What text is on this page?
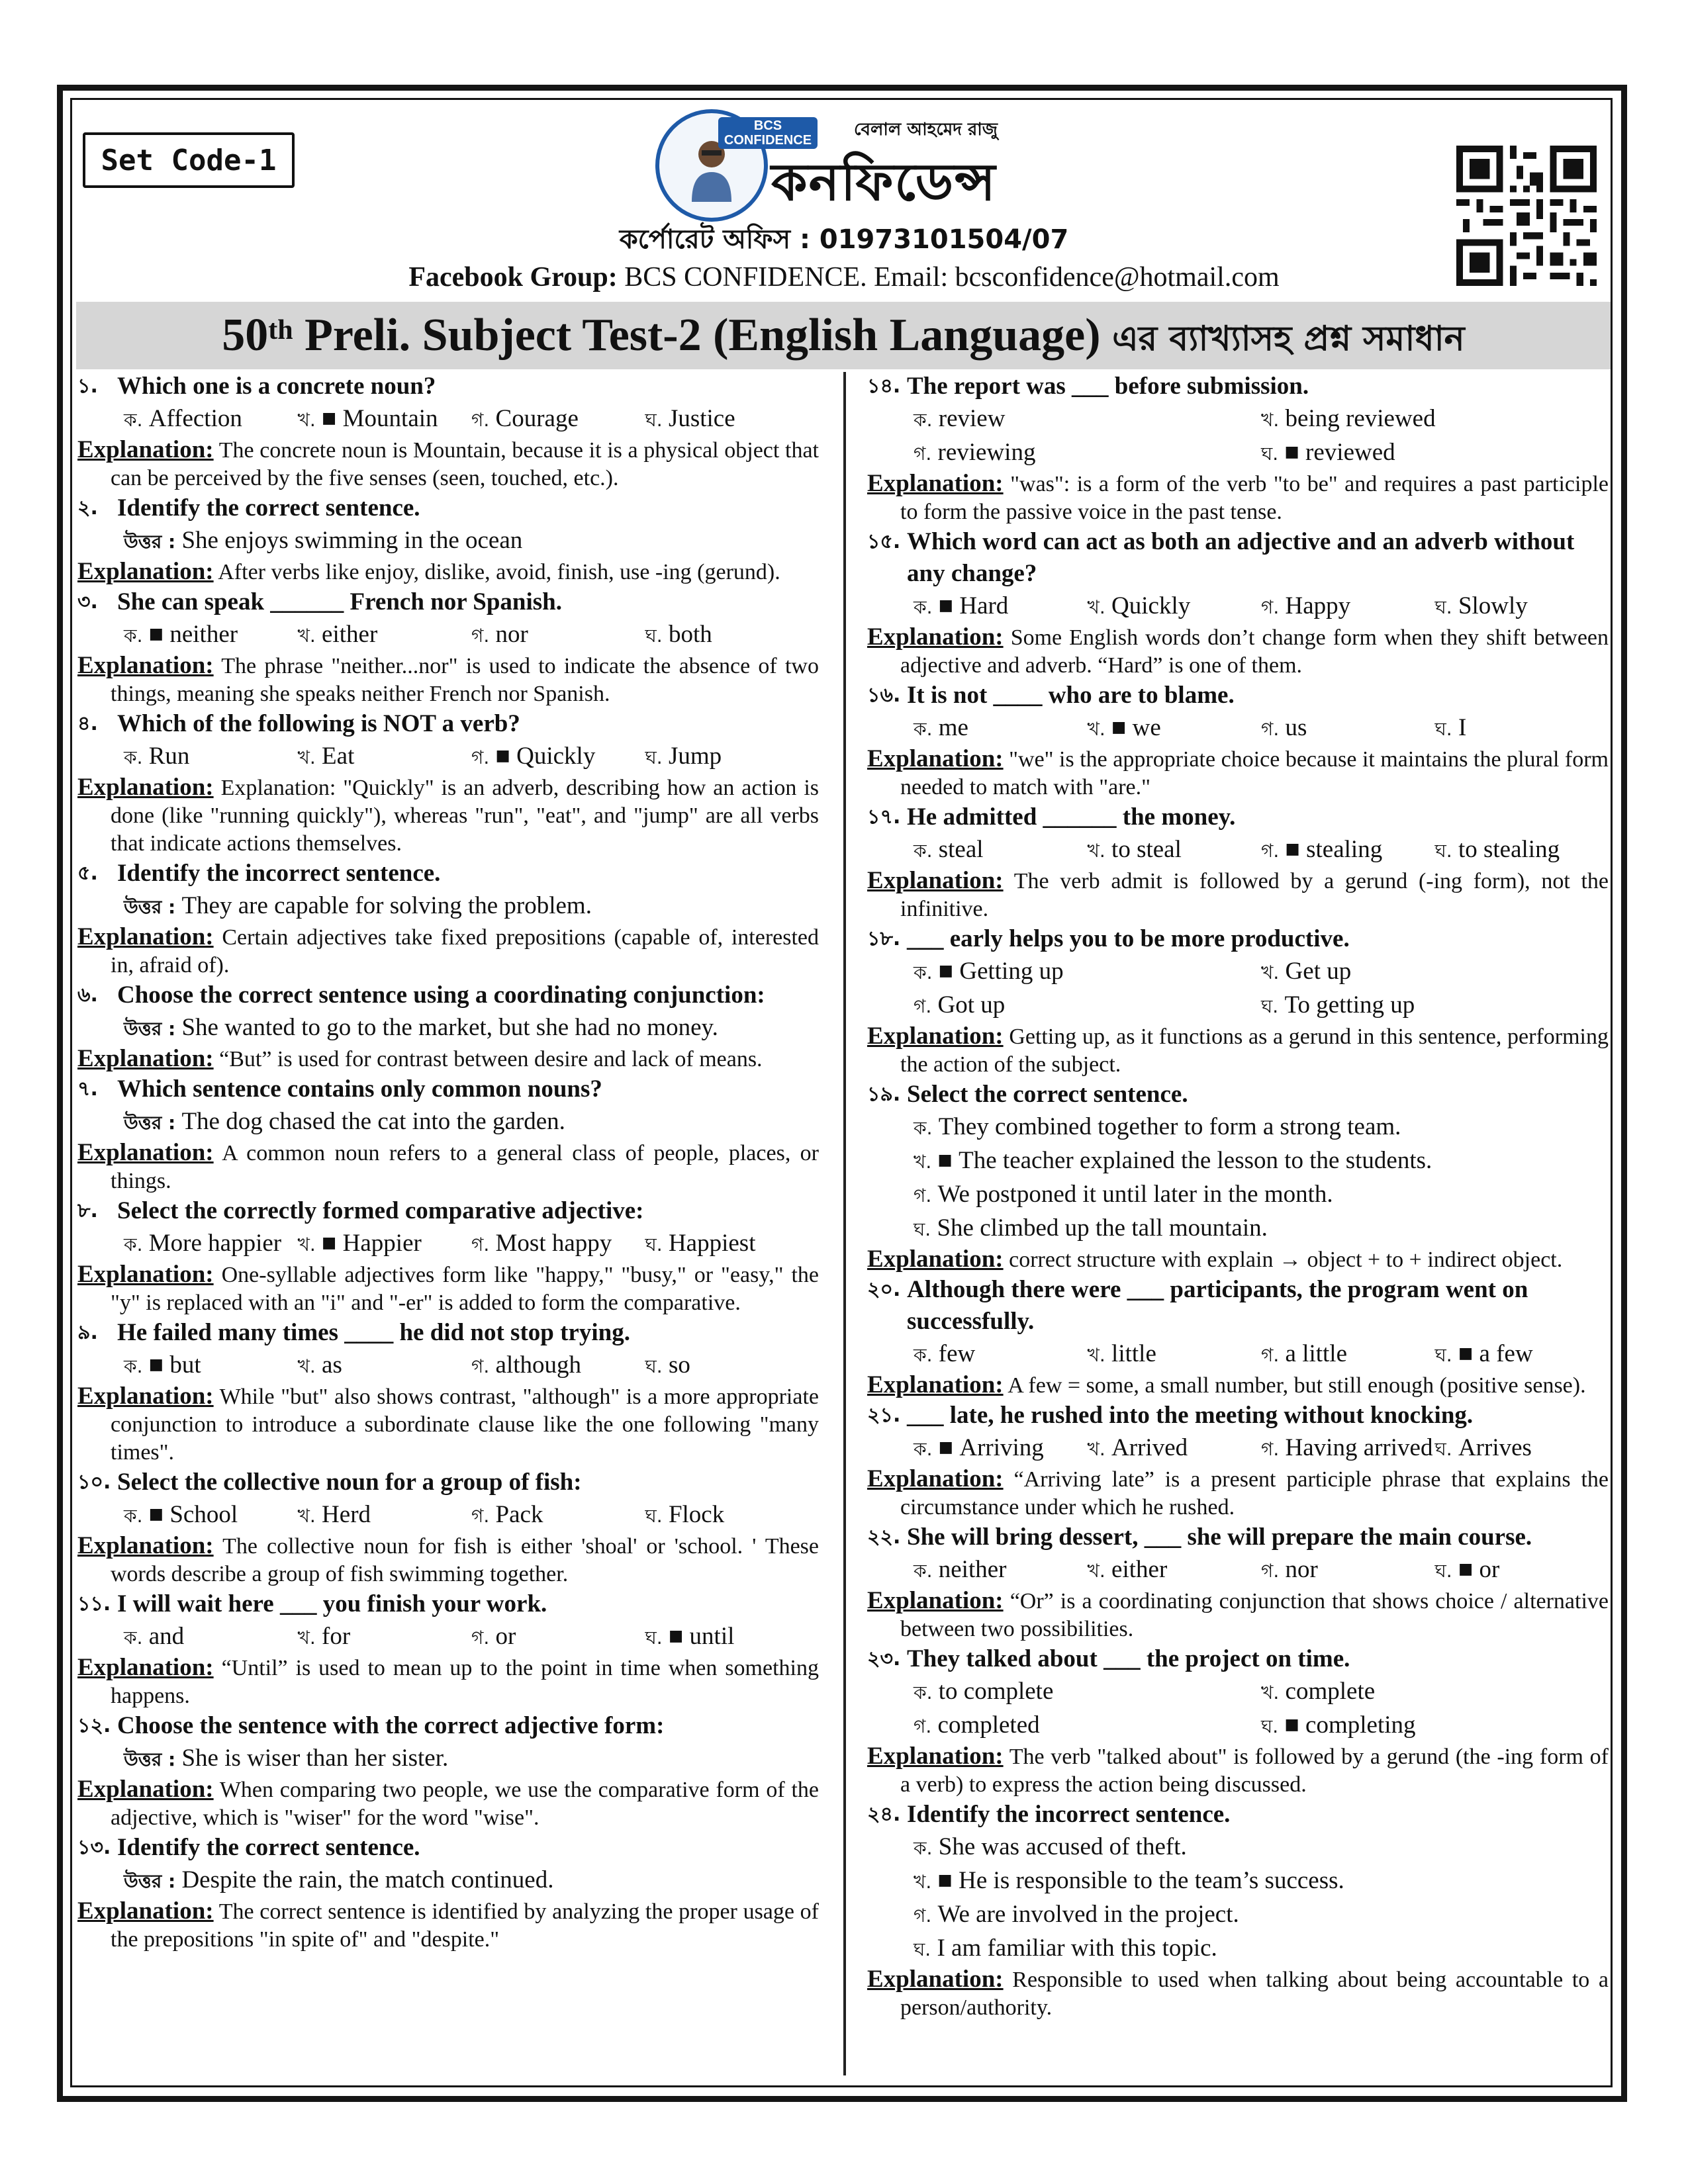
Set Code-1
BCS CONFIDENCE
বেলাল আহমেদ রাজু
কনফিডেন্স
কর্পোরেট অফিস : 01973101504/07
Facebook Group: BCS CONFIDENCE. Email: bcsconfidence@hotmail.com
50th Preli. Subject Test-2 (English Language) এর ব্যাখ্যাসহ প্রশ্ন সমাধান
১. Which one is a concrete noun?
ক. Affection	খ. ■ Mountain	গ. Courage	ঘ. Justice
Explanation: The concrete noun is Mountain, because it is a physical object that can be perceived by the five senses (seen, touched, etc.).
২. Identify the correct sentence.
উত্তর : She enjoys swimming in the ocean
Explanation: After verbs like enjoy, dislike, avoid, finish, use -ing (gerund).
৩. She can speak ______ French nor Spanish.
ক. ■ neither	খ. either	গ. nor	ঘ. both
Explanation: The phrase "neither...nor" is used to indicate the absence of two things, meaning she speaks neither French nor Spanish.
৪. Which of the following is NOT a verb?
ক. Run	খ. Eat	গ. ■ Quickly	ঘ. Jump
Explanation: Explanation: "Quickly" is an adverb, describing how an action is done (like "running quickly"), whereas "run", "eat", and "jump" are all verbs that indicate actions themselves.
৫. Identify the incorrect sentence.
উত্তর : They are capable for solving the problem.
Explanation: Certain adjectives take fixed prepositions (capable of, interested in, afraid of).
৬. Choose the correct sentence using a coordinating conjunction:
উত্তর : She wanted to go to the market, but she had no money.
Explanation: “But” is used for contrast between desire and lack of means.
৭. Which sentence contains only common nouns?
উত্তর : The dog chased the cat into the garden.
Explanation: A common noun refers to a general class of people, places, or things.
৮. Select the correctly formed comparative adjective:
ক. More happier খ. ■ Happier	গ. Most happy	ঘ. Happiest
Explanation: One-syllable adjectives form like "happy," "busy," or "easy," the "y" is replaced with an "i" and "-er" is added to form the comparative.
৯. He failed many times ____ he did not stop trying.
ক. ■ but	খ. as	গ. although	ঘ. so
Explanation: While "but" also shows contrast, "although" is a more appropriate conjunction to introduce a subordinate clause like the one following "many times".
১০. Select the collective noun for a group of fish:
ক. ■ School	খ. Herd	গ. Pack	ঘ. Flock
Explanation: The collective noun for fish is either 'shoal' or 'school. ' These words describe a group of fish swimming together.
১১. I will wait here ___ you finish your work.
ক. and	খ. for	গ. or	ঘ. ■ until
Explanation: “Until” is used to mean up to the point in time when something happens.
১২. Choose the sentence with the correct adjective form:
উত্তর : She is wiser than her sister.
Explanation: When comparing two people, we use the comparative form of the adjective, which is "wiser" for the word "wise".
১৩. Identify the correct sentence.
উত্তর : Despite the rain, the match continued.
Explanation: The correct sentence is identified by analyzing the proper usage of the prepositions "in spite of" and "despite."
১৪. The report was ___ before submission.
ক. review	খ. being reviewed
গ. reviewing	ঘ. ■ reviewed
Explanation: "was": is a form of the verb "to be" and requires a past participle to form the passive voice in the past tense.
১৫. Which word can act as both an adjective and an adverb without any change?
ক. ■ Hard	খ. Quickly	গ. Happy	ঘ. Slowly
Explanation: Some English words don’t change form when they shift between adjective and adverb. “Hard” is one of them.
১৬. It is not ____ who are to blame.
ক. me	খ. ■ we	গ. us	ঘ. I
Explanation: "we" is the appropriate choice because it maintains the plural form needed to match with "are."
১৭. He admitted ______ the money.
ক. steal	খ. to steal	গ. ■ stealing	ঘ. to stealing
Explanation: The verb admit is followed by a gerund (-ing form), not the infinitive.
১৮. ___ early helps you to be more productive.
ক. ■ Getting up	খ. Get up
গ. Got up	ঘ. To getting up
Explanation: Getting up, as it functions as a gerund in this sentence, performing the action of the subject.
১৯. Select the correct sentence.
ক. They combined together to form a strong team.
খ. ■ The teacher explained the lesson to the students.
গ. We postponed it until later in the month.
ঘ. She climbed up the tall mountain.
Explanation: correct structure with explain → object + to + indirect object.
২০. Although there were ___ participants, the program went on successfully.
ক. few	খ. little	গ. a little	ঘ. ■ a few
Explanation: A few = some, a small number, but still enough (positive sense).
২১. ___ late, he rushed into the meeting without knocking.
ক. ■ Arriving	খ. Arrived	গ. Having arrived ঘ. Arrives
Explanation: “Arriving late” is a present participle phrase that explains the circumstance under which he rushed.
২২. She will bring dessert, ___ she will prepare the main course.
ক. neither	খ. either	গ. nor	ঘ. ■ or
Explanation: “Or” is a coordinating conjunction that shows choice / alternative between two possibilities.
২৩. They talked about ___ the project on time.
ক. to complete	খ. complete
গ. completed	ঘ. ■ completing
Explanation: The verb "talked about" is followed by a gerund (the -ing form of a verb) to express the action being discussed.
২৪. Identify the incorrect sentence.
ক. She was accused of theft.
খ. ■ He is responsible to the team’s success.
গ. We are involved in the project.
ঘ. I am familiar with this topic.
Explanation: Responsible to used when talking about being accountable to a person/authority.
